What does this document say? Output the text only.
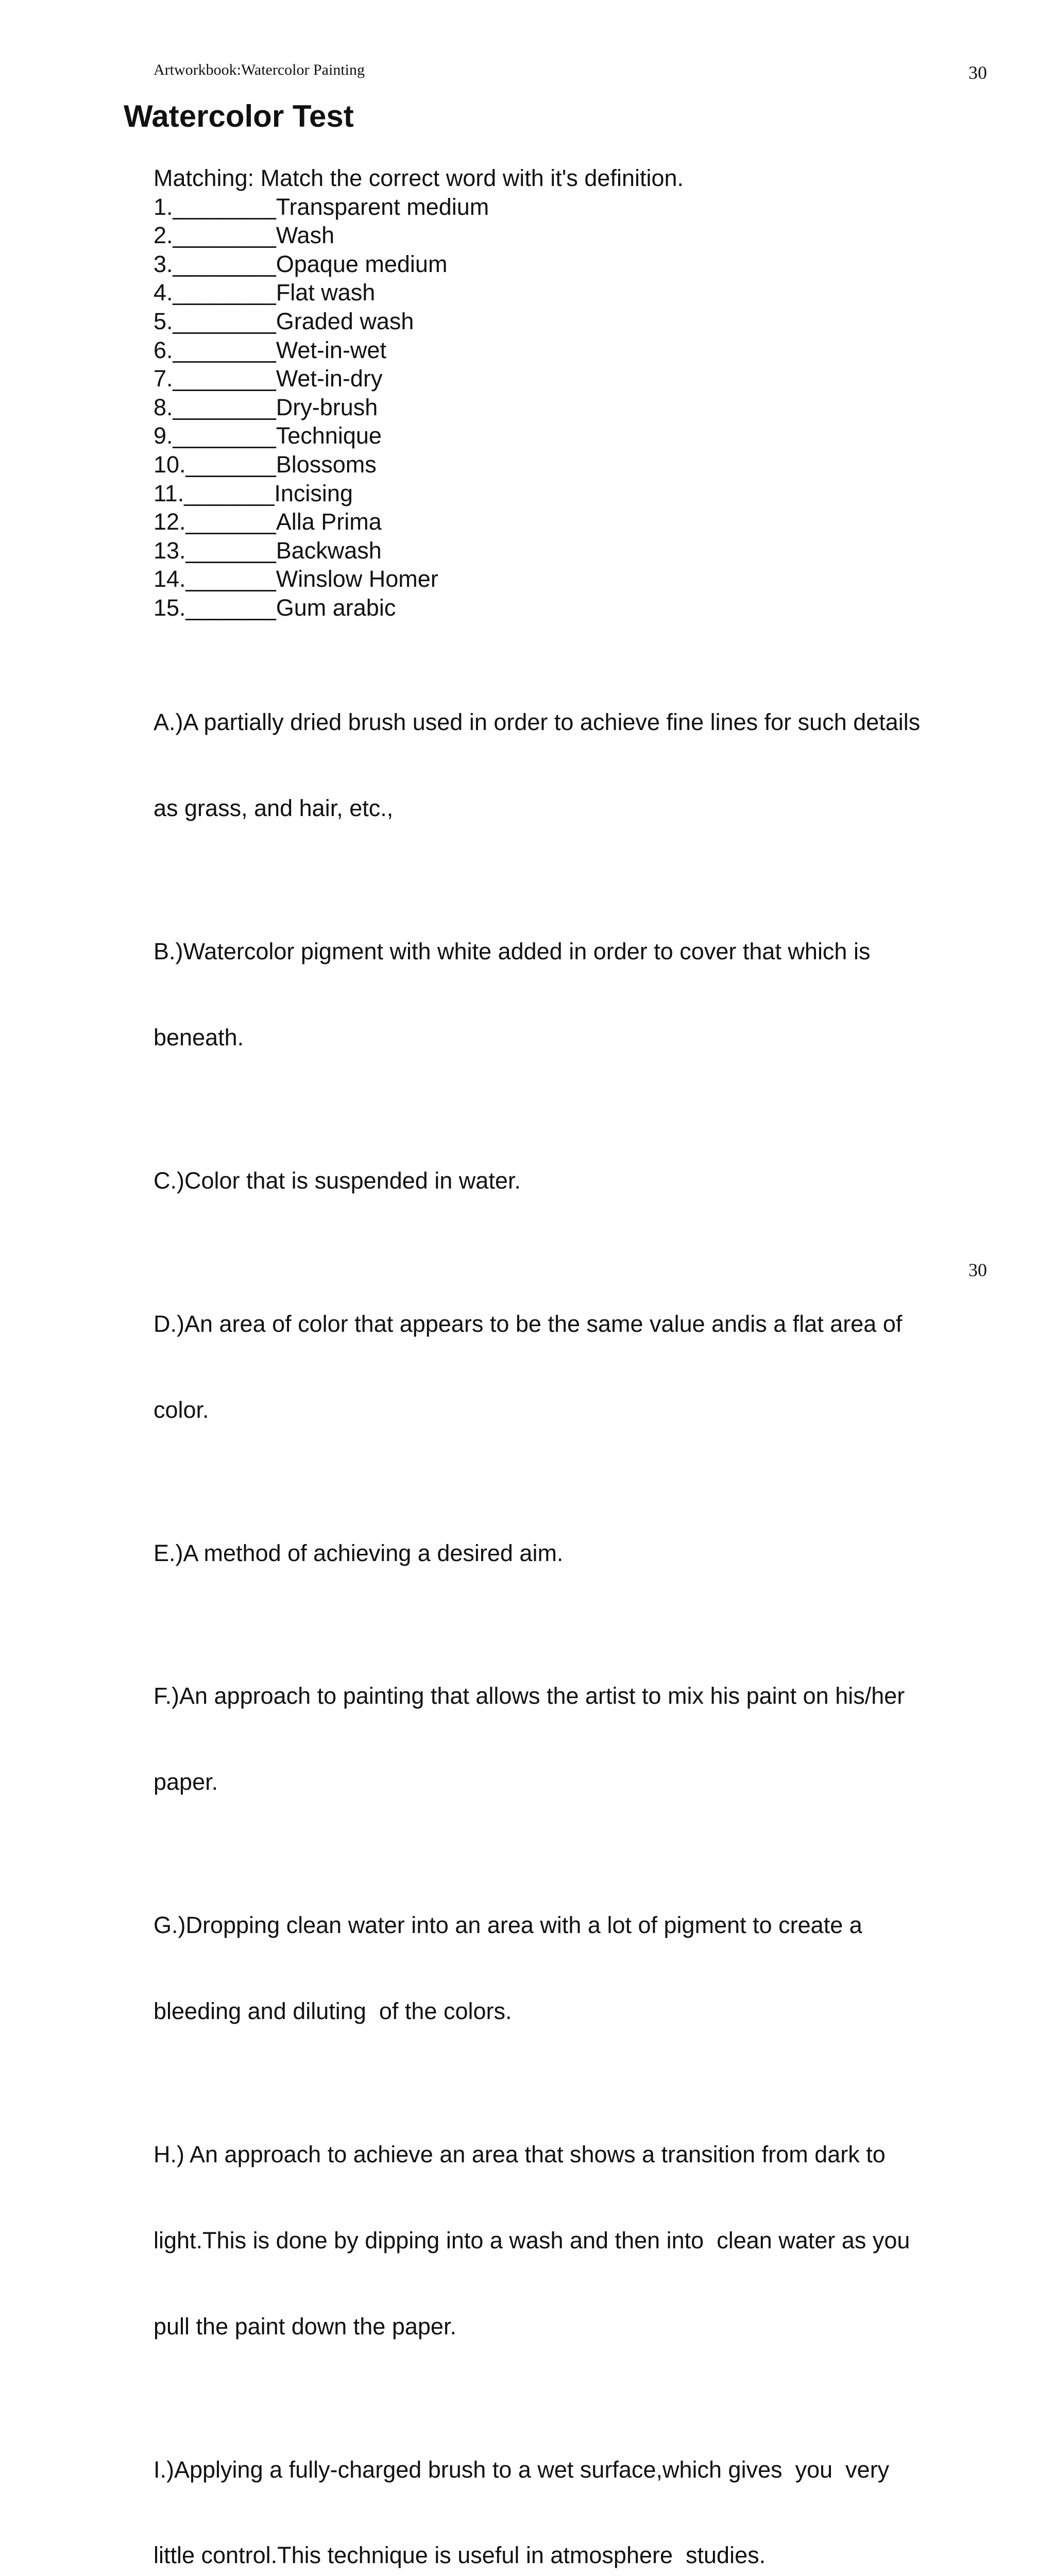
Artworkbook:Watercolor Painting	30
Watercolor Test

Matching: Match the correct word with it's definition.

1.________Transparent medium

2.________Wash

3.________Opaque medium

4.________Flat wash

5.________Graded wash

6.________Wet-in-wet

7.________Wet-in-dry

8.________Dry-brush

9.________Technique

10._______Blossoms

11._______Incising

12._______Alla Prima

13._______Backwash

14._______Winslow Homer

15._______Gum arabic

A.)A partially dried brush used in order to achieve fine lines for such details

as grass, and hair, etc.,

B.)Watercolor pigment with white added in order to cover that which is

beneath.

C.)Color that is suspended in water.

D.)An area of color that appears to be the same value andis a flat area of

color.

E.)A method of achieving a desired aim.

F.)An approach to painting that allows the artist to mix his paint on his/her

paper.

G.)Dropping clean water into an area with a lot of pigment to create a

bleeding and diluting  of the colors.

H.) An approach to achieve an area that shows a transition from dark to

light.This is done by dipping into a wash and then into  clean water as you

pull the paint down the paper.

I.)Applying a fully-charged brush to a wet surface,which gives  you  very

little control.This technique is useful in atmosphere  studies.

30
